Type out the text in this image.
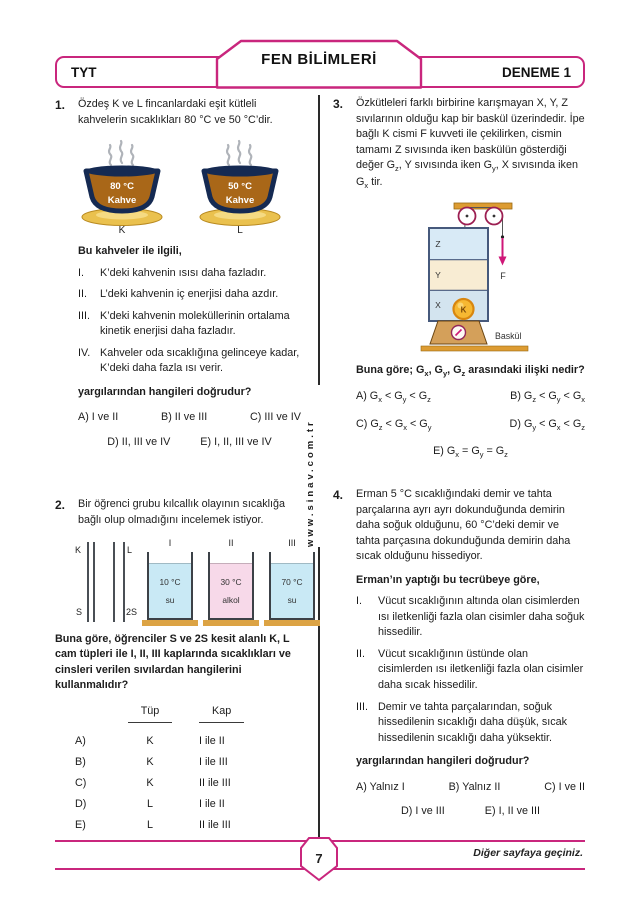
TYT	DENEME 1
FEN BİLİMLERİ
www.sinav.com.tr
1.	Özdeş K ve L fincanlardaki eşit kütleli kahvelerin sıcaklıkları 80 °C ve 50 °C’dir.
80 °C
Kahve
K
50 °C
Kahve
L
Bu kahveler ile ilgili,
I.	K’deki kahvenin ısısı daha fazladır.
II.	L’deki kahvenin iç enerjisi daha azdır.
III. K’deki kahvenin moleküllerinin ortalama kinetik enerjisi daha fazladır.
IV. Kahveler oda sıcaklığına gelinceye kadar, K’deki daha fazla ısı verir.
yargılarından hangileri doğrudur?
A) I ve II	B) II ve III	C) III ve IV
D) II, III ve IV	E) I, II, III ve IV
2.	Bir öğrenci grubu kılcallık olayının sıcaklığa bağlı olup olmadığını incelemek istiyor.
K
S
L
2S
I
10 °C
su
II
30 °C
alkol
III
70 °C
su
Buna göre, öğrenciler S ve 2S kesit alanlı K, L cam tüpleri ile I, II, III kaplarında sıcaklıkları ve cinsleri verilen sıvılardan hangilerini kullanmalıdır?
Tüp	Kap
A)	K	I ile II
B)	K	I ile III
C)	K	II ile III
D)	L	I ile II
E)	L	II ile III
3.	Özkütleleri farklı birbirine karışmayan X, Y, Z sıvılarının olduğu kap bir baskül üzerindedir. İpe bağlı K cismi F kuvveti ile çekilirken, cismin tamamı Z sıvısında iken baskülün gösterdiği değer $G_z$, Y sıvısında iken $G_y$, X sıvısında iken $G_x$ tir.
F
Z
Y
X K
Baskül
Buna göre; $G_x$, $G_y$, $G_z$ arasındaki ilişki nedir?
A) $G_x < G_y < G_z$	B) $G_z < G_y < G_x$
C) $G_z < G_x < G_y$	D) $G_y < G_x < G_z$
E) $G_x = G_y = G_z$
4.	Erman 5 °C sıcaklığındaki demir ve tahta parçalarına ayrı ayrı dokunduğunda demirin daha soğuk olduğunu, 60 °C’deki demir ve tahta parçasına dokunduğunda demirin daha sıcak olduğunu hissediyor.
Erman’ın yaptığı bu tecrübeye göre,
I.	Vücut sıcaklığının altında olan cisimlerden ısı iletkenliği fazla olan cisimler daha soğuk hissedilir.
II.	Vücut sıcaklığının üstünde olan cisimlerden ısı iletkenliği fazla olan cisimler daha sıcak hissedilir.
III. Demir ve tahta parçalarından, soğuk hissedilenin sıcaklığı daha düşük, sıcak hissedilenin sıcaklığı daha yüksektir.
yargılarından hangileri doğrudur?
A) Yalnız I	B) Yalnız II	C) I ve II
D) I ve III	E) I, II ve III
7	Diğer sayfaya geçiniz.
